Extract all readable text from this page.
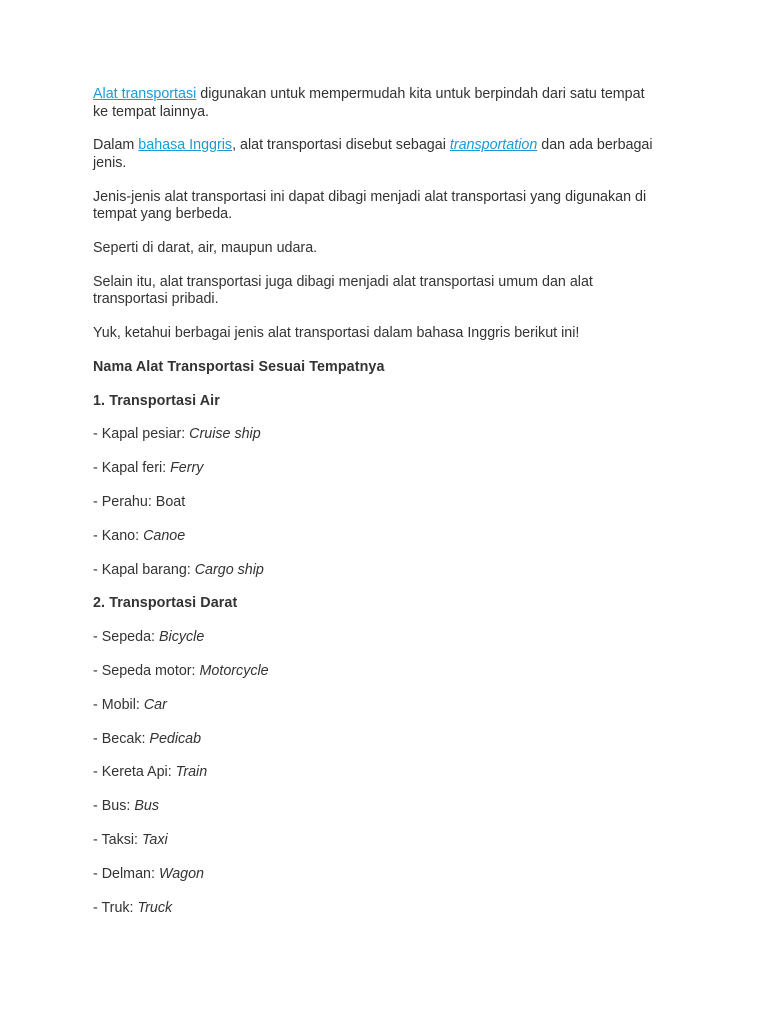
Alat transportasi digunakan untuk mempermudah kita untuk berpindah dari satu tempat ke tempat lainnya.

Dalam bahasa Inggris, alat transportasi disebut sebagai transportation dan ada berbagai jenis.

Jenis-jenis alat transportasi ini dapat dibagi menjadi alat transportasi yang digunakan di tempat yang berbeda.

Seperti di darat, air, maupun udara.

Selain itu, alat transportasi juga dibagi menjadi alat transportasi umum dan alat transportasi pribadi.

Yuk, ketahui berbagai jenis alat transportasi dalam bahasa Inggris berikut ini!

Nama Alat Transportasi Sesuai Tempatnya

1. Transportasi Air

- Kapal pesiar: Cruise ship

- Kapal feri: Ferry

- Perahu: Boat

- Kano: Canoe

- Kapal barang: Cargo ship

2. Transportasi Darat

- Sepeda: Bicycle

- Sepeda motor: Motorcycle

- Mobil: Car

- Becak: Pedicab

- Kereta Api: Train

- Bus: Bus

- Taksi: Taxi

- Delman: Wagon

- Truk: Truck
